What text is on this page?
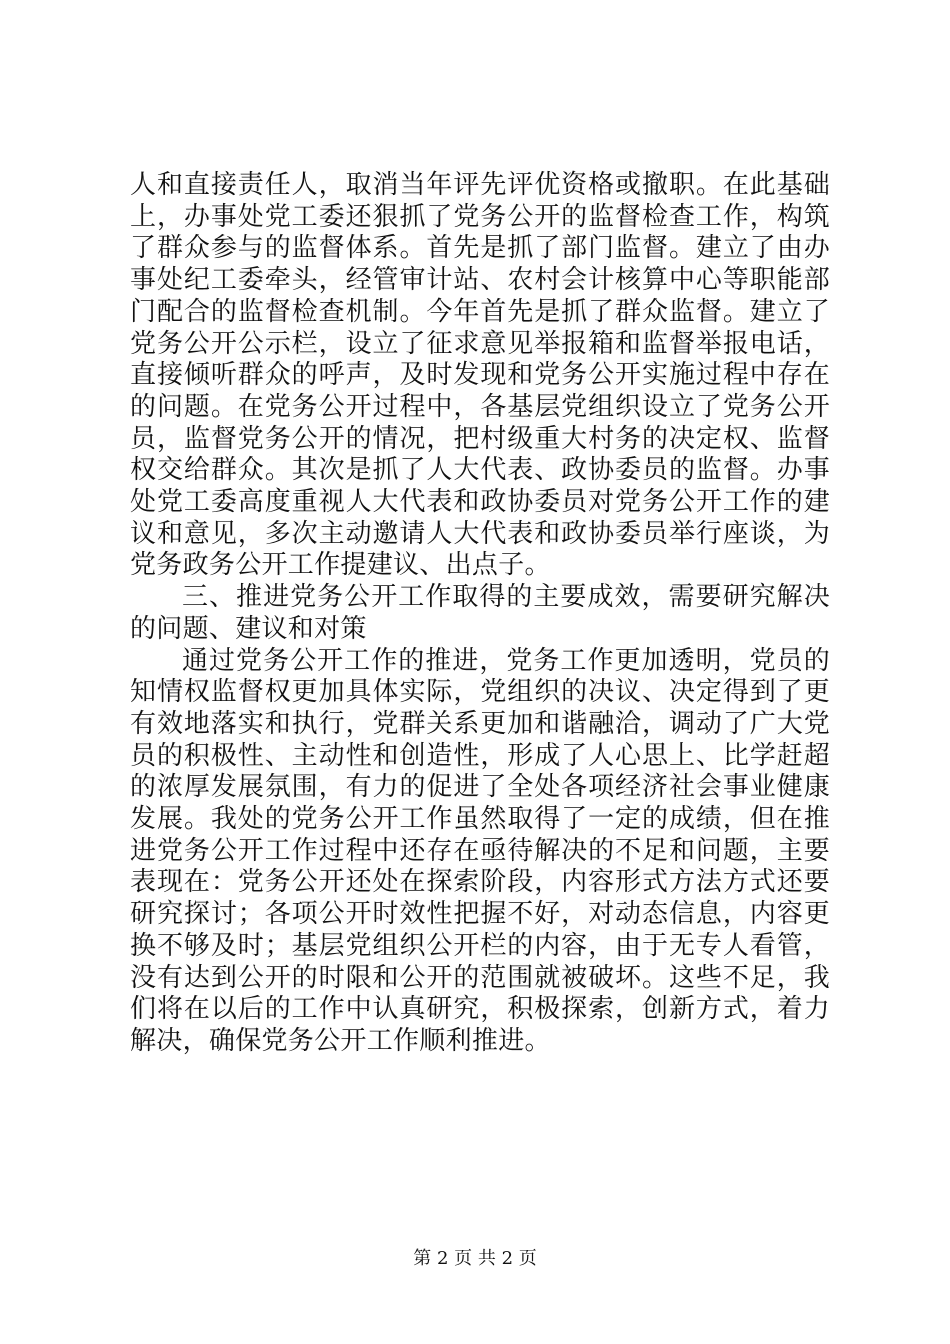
人和直接责任人，取消当年评先评优资格或撤职。在此基础上，办事处党工委还狠抓了党务公开的监督检查工作，构筑了群众参与的监督体系。首先是抓了部门监督。建立了由办事处纪工委牵头，经管审计站、农村会计核算中心等职能部门配合的监督检查机制。今年首先是抓了群众监督。建立了党务公开公示栏，设立了征求意见举报箱和监督举报电话，直接倾听群众的呼声，及时发现和党务公开实施过程中存在的问题。在党务公开过程中，各基层党组织设立了党务公开员，监督党务公开的情况，把村级重大村务的决定权、监督权交给群众。其次是抓了人大代表、政协委员的监督。办事处党工委高度重视人大代表和政协委员对党务公开工作的建议和意见，多次主动邀请人大代表和政协委员举行座谈，为党务政务公开工作提建议、出点子。

三、推进党务公开工作取得的主要成效，需要研究解决的问题、建议和对策

通过党务公开工作的推进，党务工作更加透明，党员的知情权监督权更加具体实际，党组织的决议、决定得到了更有效地落实和执行，党群关系更加和谐融洽，调动了广大党员的积极性、主动性和创造性，形成了人心思上、比学赶超的浓厚发展氛围，有力的促进了全处各项经济社会事业健康发展。我处的党务公开工作虽然取得了一定的成绩，但在推进党务公开工作过程中还存在亟待解决的不足和问题，主要表现在：党务公开还处在探索阶段，内容形式方法方式还要研究探讨；各项公开时效性把握不好，对动态信息，内容更换不够及时；基层党组织公开栏的内容，由于无专人看管，没有达到公开的时限和公开的范围就被破坏。这些不足，我们将在以后的工作中认真研究，积极探索，创新方式，着力解决，确保党务公开工作顺利推进。

第 2 页 共 2 页
